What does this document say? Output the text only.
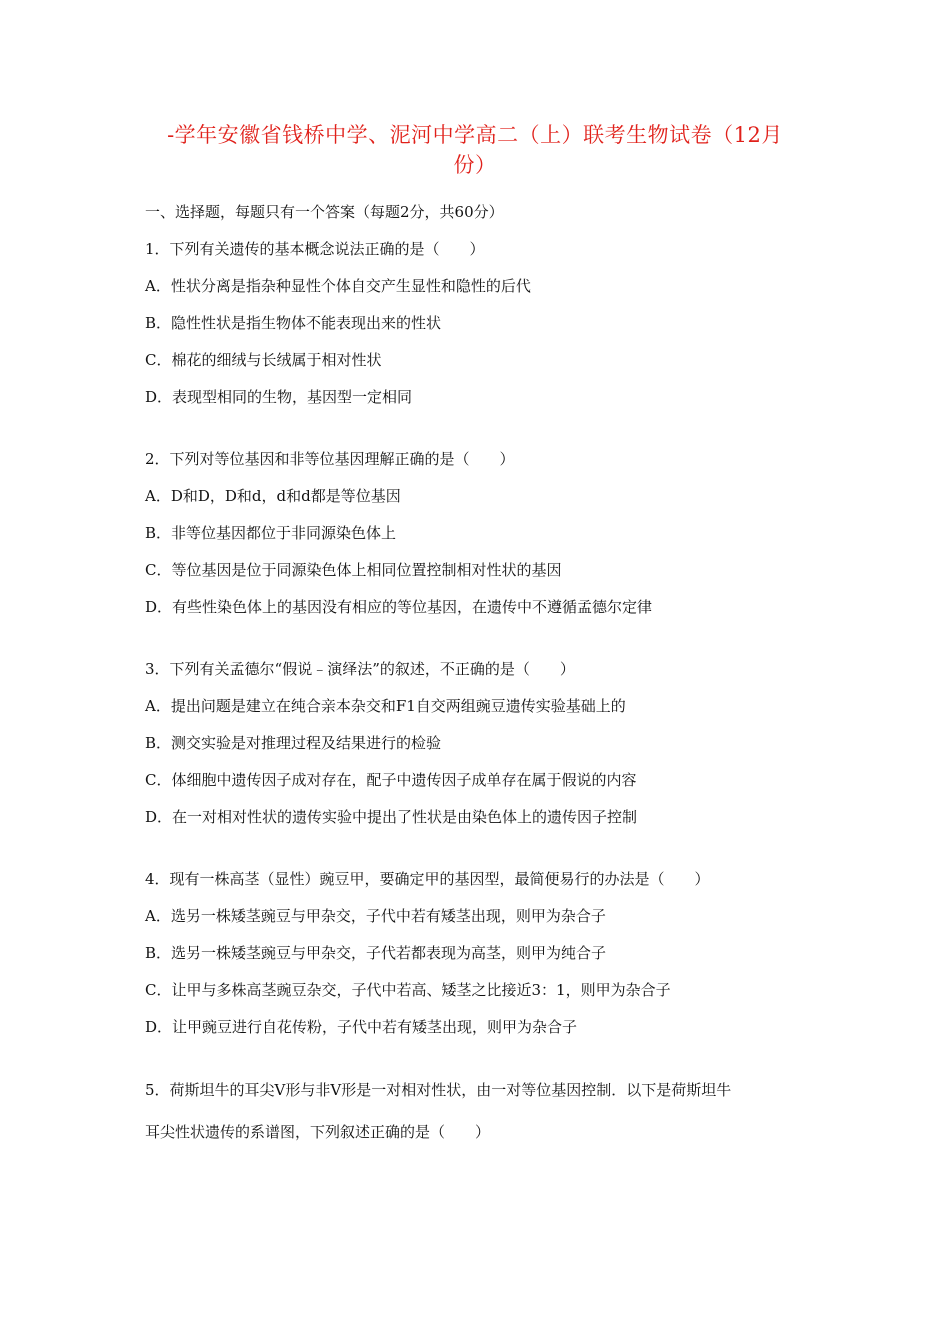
-学年安徽省钱桥中学、泥河中学高二（上）联考生物试卷（12月
份）
一、选择题，每题只有一个答案（每题2分，共60分）
1．下列有关遗传的基本概念说法正确的是（　　）
A．性状分离是指杂种显性个体自交产生显性和隐性的后代
B．隐性性状是指生物体不能表现出来的性状
C．棉花的细绒与长绒属于相对性状
D．表现型相同的生物，基因型一定相同
2．下列对等位基因和非等位基因理解正确的是（　　）
A．D和D，D和d，d和d都是等位基因
B．非等位基因都位于非同源染色体上
C．等位基因是位于同源染色体上相同位置控制相对性状的基因
D．有些性染色体上的基因没有相应的等位基因，在遗传中不遵循孟德尔定律
3．下列有关孟德尔“假说﹣演绎法”的叙述，不正确的是（　　）
A．提出问题是建立在纯合亲本杂交和F1自交两组豌豆遗传实验基础上的
B．测交实验是对推理过程及结果进行的检验
C．体细胞中遗传因子成对存在，配子中遗传因子成单存在属于假说的内容
D．在一对相对性状的遗传实验中提出了性状是由染色体上的遗传因子控制
4．现有一株高茎（显性）豌豆甲，要确定甲的基因型，最简便易行的办法是（　　）
A．选另一株矮茎豌豆与甲杂交，子代中若有矮茎出现，则甲为杂合子
B．选另一株矮茎豌豆与甲杂交，子代若都表现为高茎，则甲为纯合子
C．让甲与多株高茎豌豆杂交，子代中若高、矮茎之比接近3：1，则甲为杂合子
D．让甲豌豆进行自花传粉，子代中若有矮茎出现，则甲为杂合子
5．荷斯坦牛的耳尖V形与非V形是一对相对性状，由一对等位基因控制．以下是荷斯坦牛
耳尖性状遗传的系谱图，下列叙述正确的是（　　）
